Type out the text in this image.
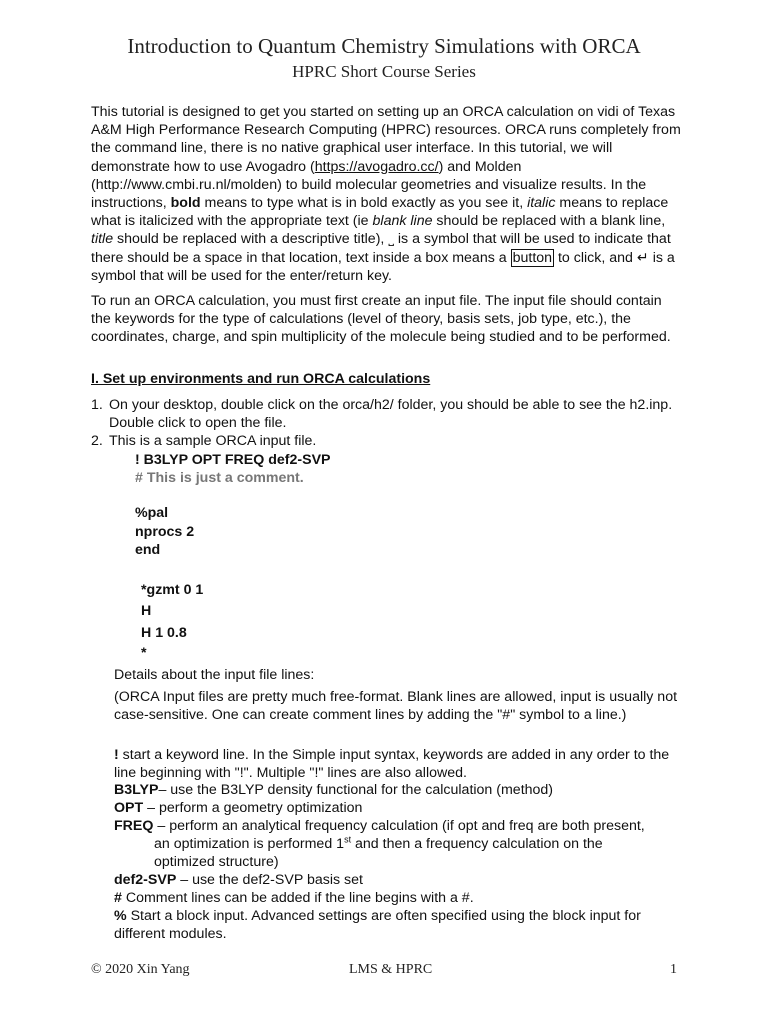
Introduction to Quantum Chemistry Simulations with ORCA
HPRC Short Course Series
This tutorial is designed to get you started on setting up an ORCA calculation on vidi of Texas A&M High Performance Research Computing (HPRC) resources. ORCA runs completely from the command line, there is no native graphical user interface. In this tutorial, we will demonstrate how to use Avogadro (https://avogadro.cc/) and Molden (http://www.cmbi.ru.nl/molden) to build molecular geometries and visualize results. In the instructions, bold means to type what is in bold exactly as you see it, italic means to replace what is italicized with the appropriate text (ie blank line should be replaced with a blank line, title should be replaced with a descriptive title), ˽ is a symbol that will be used to indicate that there should be a space in that location, text inside a box means a button to click, and ↵ is a symbol that will be used for the enter/return key.
To run an ORCA calculation, you must first create an input file. The input file should contain the keywords for the type of calculations (level of theory, basis sets, job type, etc.), the coordinates, charge, and spin multiplicity of the molecule being studied and to be performed.
I. Set up environments and run ORCA calculations
1. On your desktop, double click on the orca/h2/ folder, you should be able to see the h2.inp. Double click to open the file.
2. This is a sample ORCA input file.
! B3LYP OPT FREQ def2-SVP
# This is just a comment.
%pal
nprocs 2
end
*gzmt 0 1
H
H 1 0.8
*
Details about the input file lines:
(ORCA Input files are pretty much free-format. Blank lines are allowed, input is usually not case-sensitive. One can create comment lines by adding the "#" symbol to a line.)
! start a keyword line. In the Simple input syntax, keywords are added in any order to the line beginning with "!". Multiple "!" lines are also allowed.
B3LYP– use the B3LYP density functional for the calculation (method)
OPT – perform a geometry optimization
FREQ – perform an analytical frequency calculation (if opt and freq are both present,
an optimization is performed 1st and then a frequency calculation on the
optimized structure)
def2-SVP – use the def2-SVP basis set
# Comment lines can be added if the line begins with a #.
% Start a block input. Advanced settings are often specified using the block input for different modules.
© 2020 Xin Yang	LMS & HPRC	1
